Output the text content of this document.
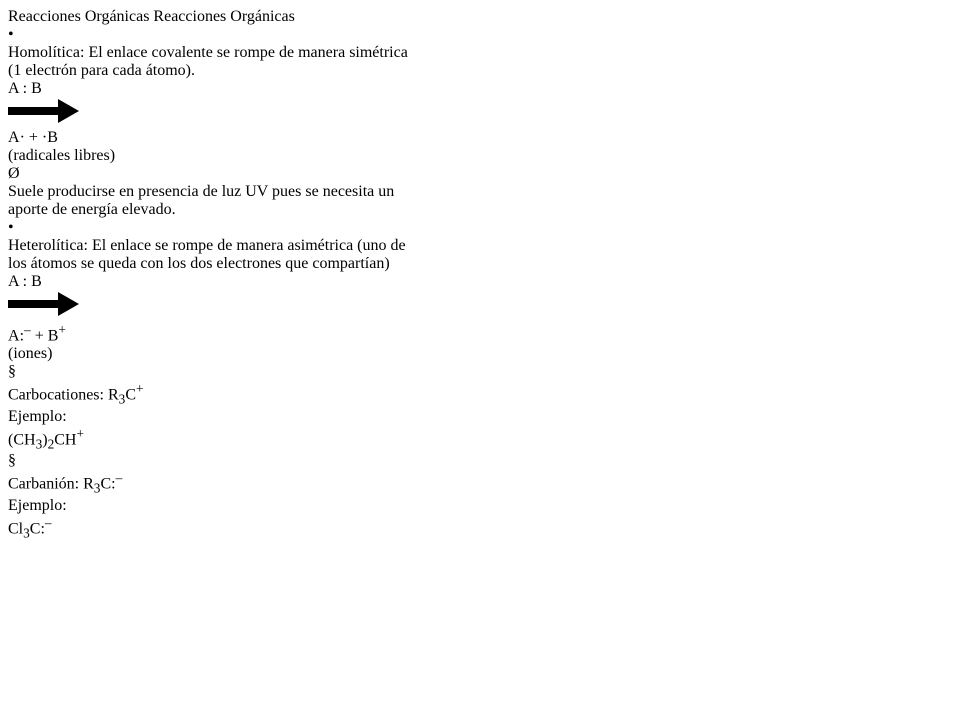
Reacciones Orgánicas Reacciones Orgánicas
•
Homolítica: El enlace covalente se rompe de manera simétrica
(1 electrón para cada átomo).
A : B
A· + ·B
(radicales libres)
Ø
Suele producirse en presencia de luz UV pues se necesita un
aporte de energía elevado.
•
Heterolítica: El enlace se rompe de manera asimétrica (uno de
los átomos se queda con los dos electrones que compartían)
A : B
A:– + B+
(iones)
§
Carbocationes: $R_3C^+$
Ejemplo:
$(CH_3)_2CH^+$
§
Carbanión: $R_3C:^-$
Ejemplo:
$Cl_3C:^-$
